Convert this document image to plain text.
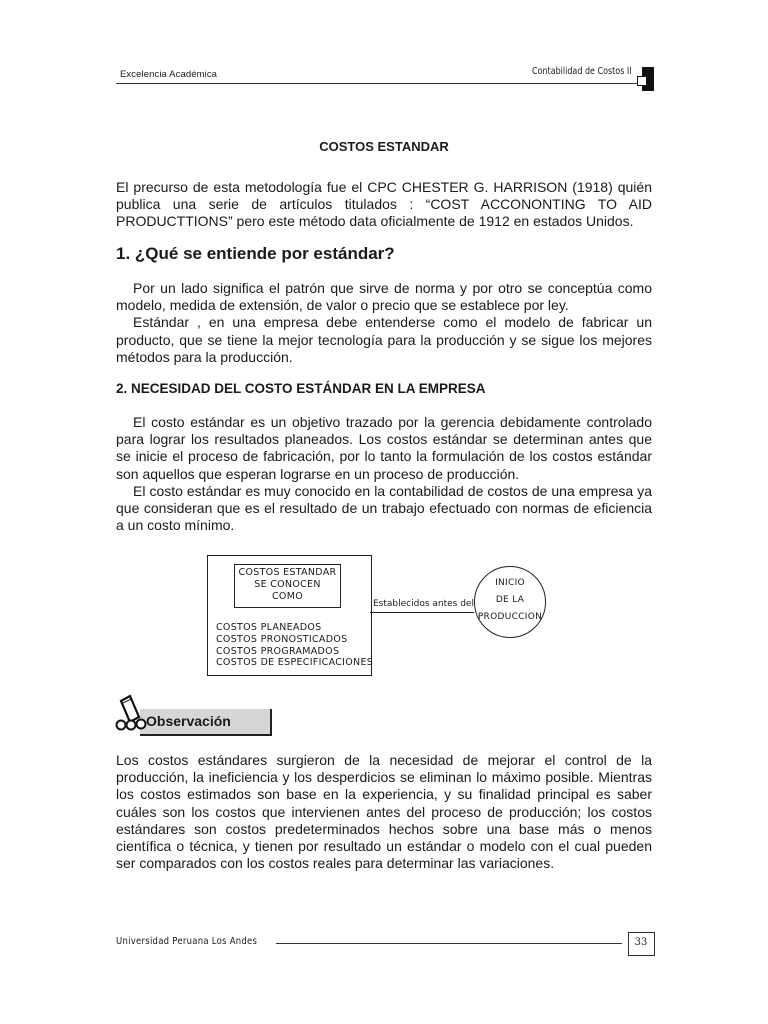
Excelencia Académica	Contabilidad de Costos II
COSTOS ESTANDAR

El precurso de esta metodología fue el CPC CHESTER G. HARRISON (1918) quién publica una serie de artículos titulados : “COST ACCONONTING TO AID PRODUCTTIONS” pero este método data oficialmente de 1912 en estados Unidos.

1. ¿Qué se entiende por estándar?

Por un lado significa el patrón que sirve de norma y por otro se conceptúa como modelo, medida de extensión, de valor o precio que se establece por ley.

Estándar , en una empresa debe entenderse como el modelo de fabricar un producto, que se tiene la mejor tecnología para la producción y se sigue los mejores métodos para la producción.

2. NECESIDAD DEL COSTO ESTÁNDAR EN LA EMPRESA

El costo estándar es un objetivo trazado por la gerencia debidamente controlado para lograr los resultados planeados. Los costos estándar se determinan antes que se inicie el proceso de fabricación, por lo tanto la formulación de los costos estándar son aquellos que esperan lograrse en un proceso de producción.

El costo estándar es muy conocido en la contabilidad de costos de una empresa ya que consideran que es el resultado de un trabajo efectuado con normas de eficiencia a un costo mínimo.

COSTOS ESTANDAR
SE CONOCEN
COMO
COSTOS PLANEADOS
COSTOS PRONOSTICADOS
COSTOS PROGRAMADOS
COSTOS DE ESPECIFICACIONES
Establecidos antes del
INICIO
DE LA
PRODUCCION
Observación

Los costos estándares surgieron de la necesidad de mejorar el control de la producción, la ineficiencia y los desperdicios se eliminan lo máximo posible. Mientras los costos estimados son base en la experiencia, y su finalidad principal es saber cuáles son los costos que intervienen antes del proceso de producción; los costos estándares son costos predeterminados hechos sobre una base más o menos científica o técnica, y tienen por resultado un estándar o modelo con el cual pueden ser comparados con los costos reales para determinar las variaciones.

Universidad Peruana Los Andes	33
